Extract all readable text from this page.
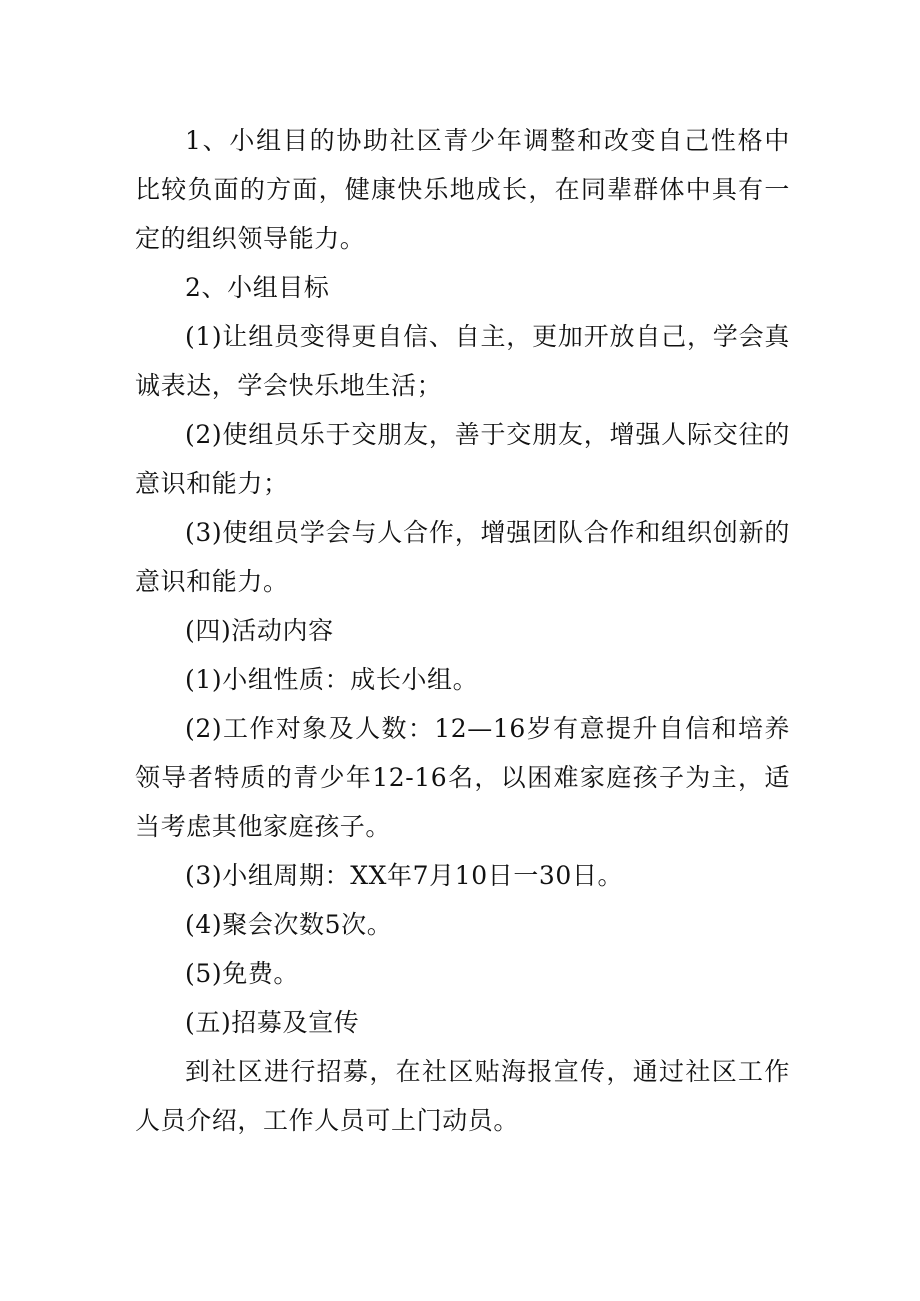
1、小组目的协助社区青少年调整和改变自己性格中比较负面的方面，健康快乐地成长，在同辈群体中具有一定的组织领导能力。

2、小组目标

(1)让组员变得更自信、自主，更加开放自己，学会真诚表达，学会快乐地生活；

(2)使组员乐于交朋友，善于交朋友，增强人际交往的意识和能力；

(3)使组员学会与人合作，增强团队合作和组织创新的意识和能力。

(四)活动内容

(1)小组性质：成长小组。

(2)工作对象及人数：12—16岁有意提升自信和培养领导者特质的青少年12-16名，以困难家庭孩子为主，适当考虑其他家庭孩子。

(3)小组周期：XX年7月10日一30日。

(4)聚会次数5次。

(5)免费。

(五)招募及宣传

到社区进行招募，在社区贴海报宣传，通过社区工作人员介绍，工作人员可上门动员。
